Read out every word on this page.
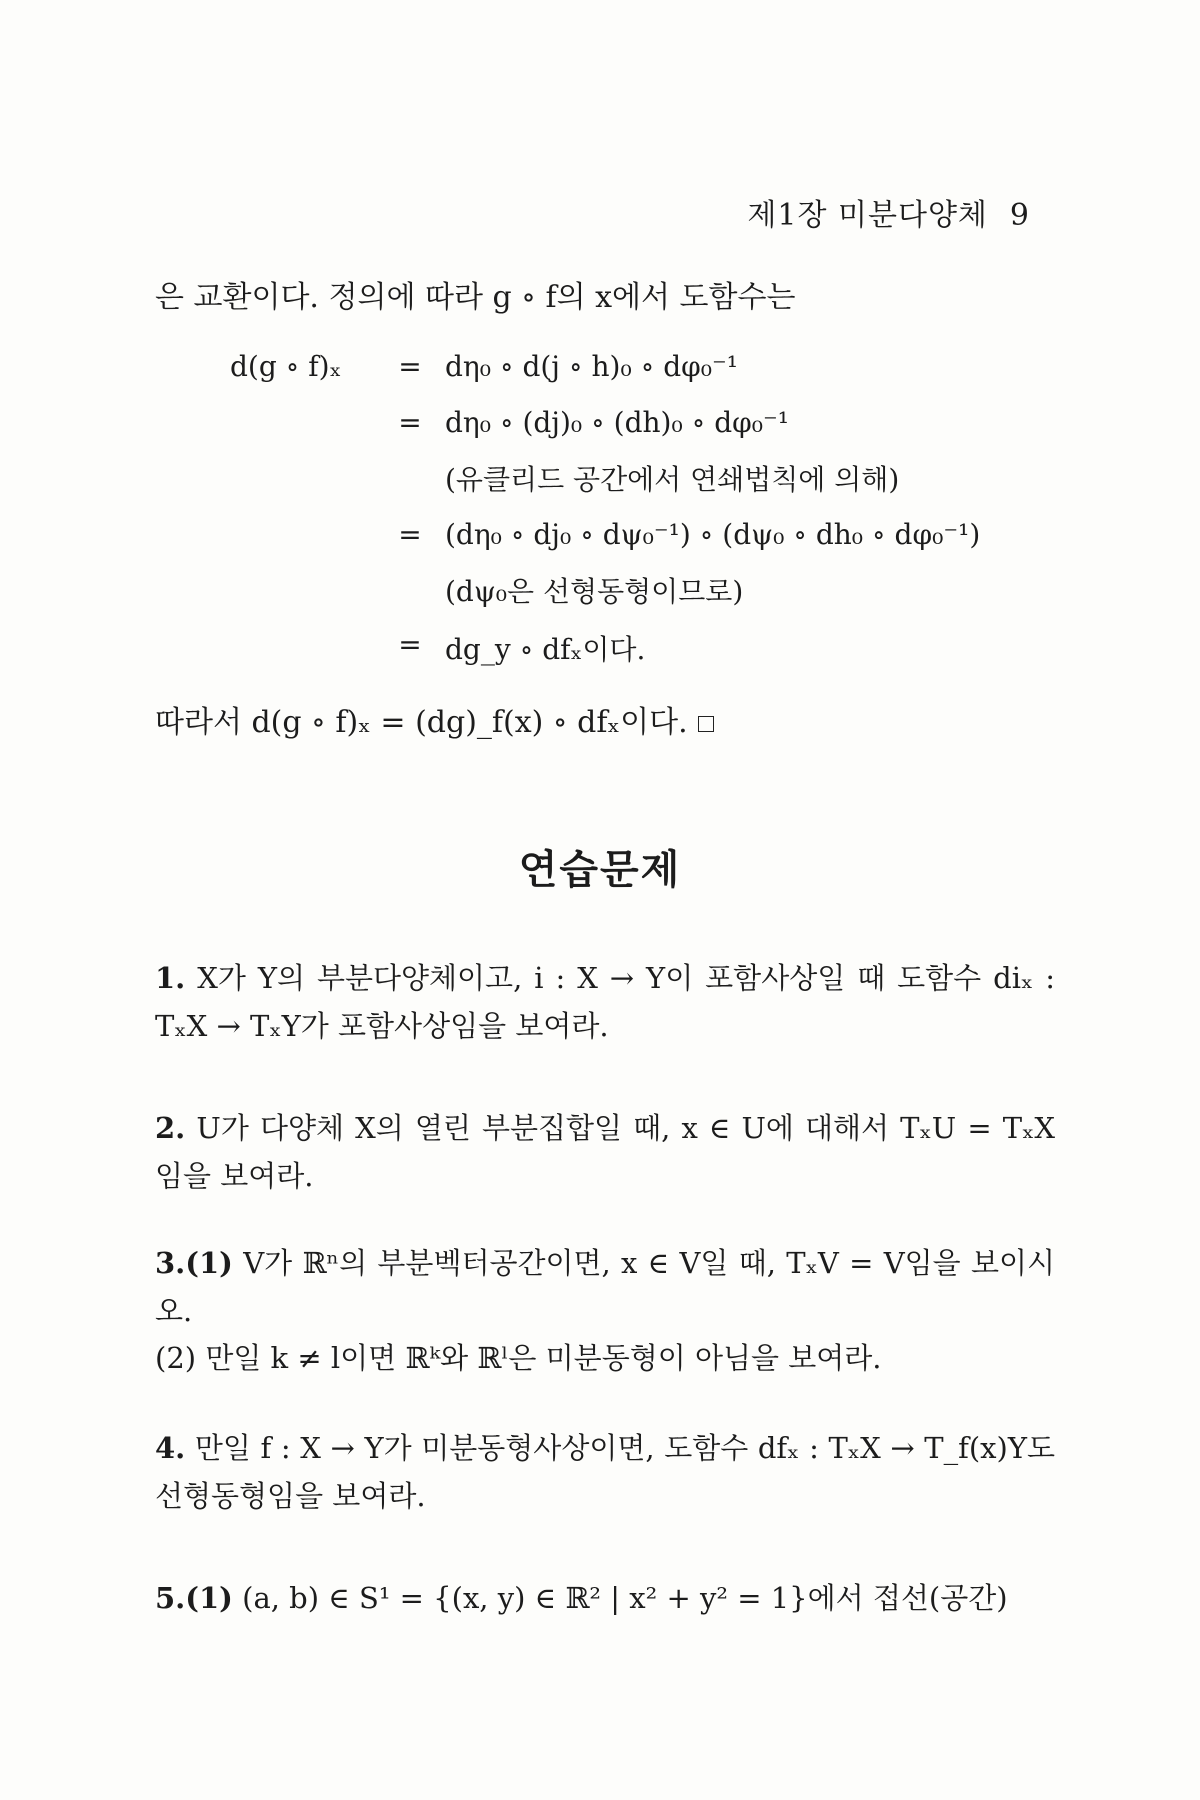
제1장 미분다양체 9
은 교환이다. 정의에 따라 g ∘ f의 x에서 도함수는
d(g ∘ f)ₓ	= dη₀ ∘ d(j ∘ h)₀ ∘ dφ₀⁻¹
= dη₀ ∘ (dj)₀ ∘ (dh)₀ ∘ dφ₀⁻¹
(유클리드 공간에서 연쇄법칙에 의해)
= (dη₀ ∘ dj₀ ∘ dψ₀⁻¹) ∘ (dψ₀ ∘ dh₀ ∘ dφ₀⁻¹)
(dψ₀은 선형동형이므로)
= dg_y ∘ dfₓ이다.
따라서 d(g ∘ f)ₓ = (dg)_f(x) ∘ dfₓ이다.
연습문제
1. X가 Y의 부분다양체이고, i : X → Y이 포함사상일 때 도함수 diₓ : TₓX → TₓY가 포함사상임을 보여라.
2. U가 다양체 X의 열린 부분집합일 때, x ∈ U에 대해서 TₓU = TₓX임을 보여라.
3.(1) V가 ℝⁿ의 부분벡터공간이면, x ∈ V일 때, TₓV = V임을 보이시오.
(2) 만일 k ≠ l이면 ℝᵏ와 ℝˡ은 미분동형이 아님을 보여라.
4. 만일 f : X → Y가 미분동형사상이면, 도함수 dfₓ : TₓX → T_f(x)Y도 선형동형임을 보여라.
5.(1) (a, b) ∈ S¹ = {(x, y) ∈ ℝ² | x² + y² = 1}에서 접선(공간)
